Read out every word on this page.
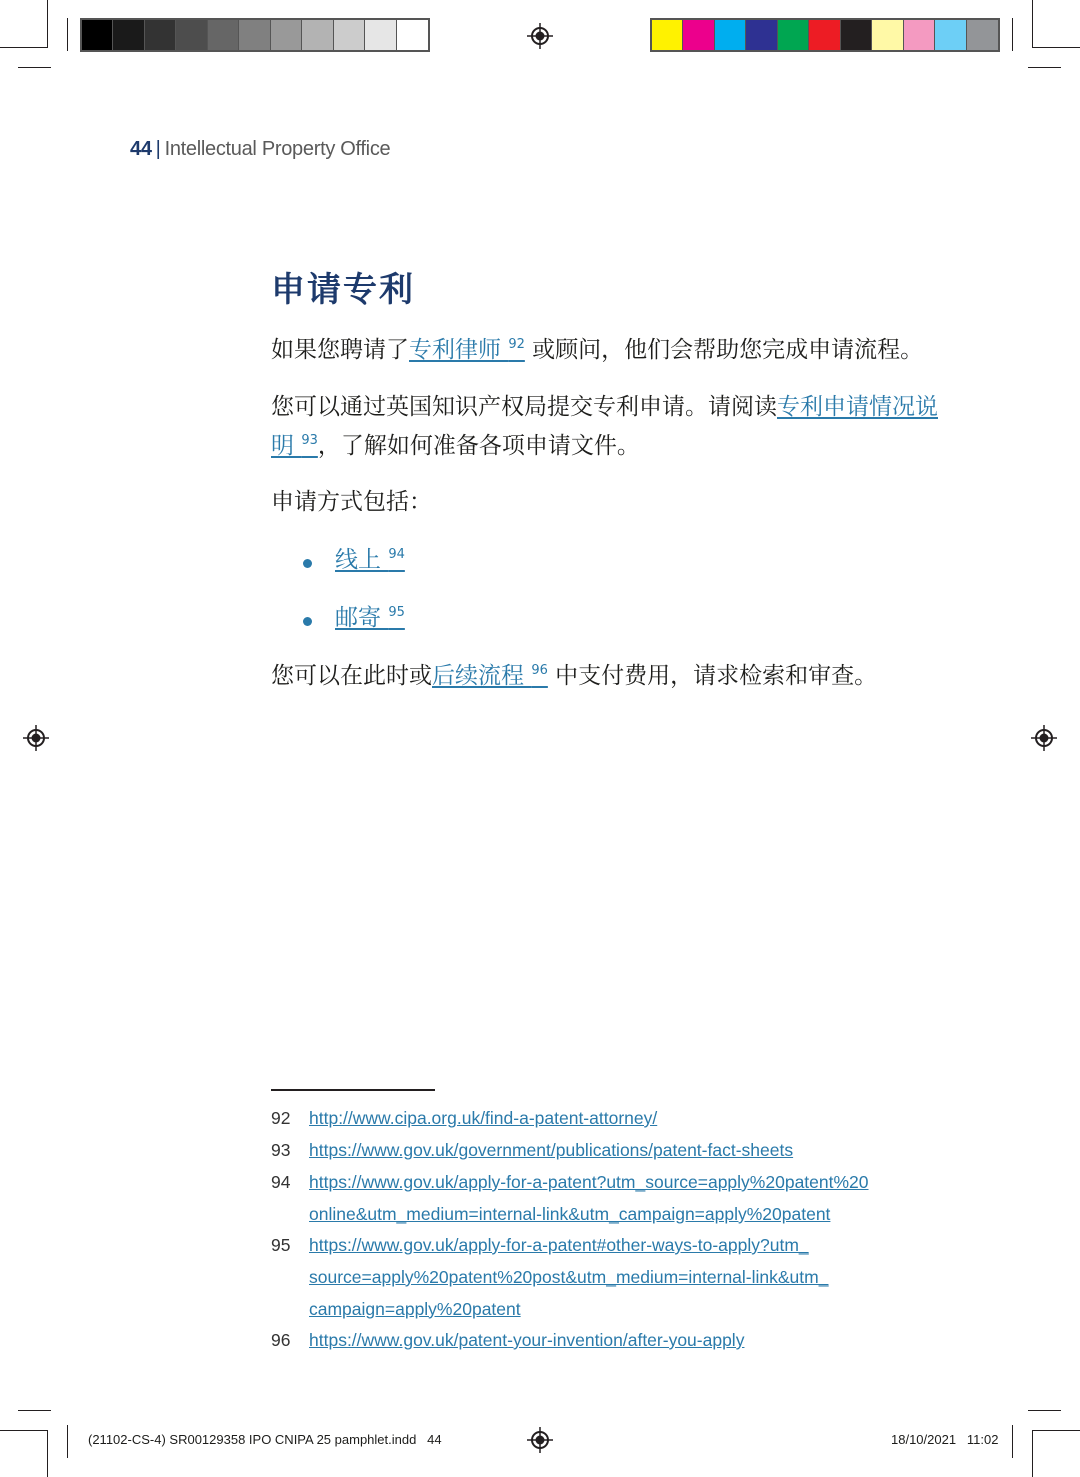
44 | Intellectual Property Office
申请专利
如果您聘请了专利律师 $^{92}$ 或顾问，他们会帮助您完成申请流程。
您可以通过英国知识产权局提交专利申请。请阅读专利申请情况说
明 $^{93}$，了解如何准备各项申请文件。
申请方式包括：
线上 $^{94}$
邮寄 $^{95}$
您可以在此时或后续流程 $^{96}$ 中支付费用，请求检索和审查。
92 http://www.cipa.org.uk/find-a-patent-attorney/
93 https://www.gov.uk/government/publications/patent-fact-sheets
94 https://www.gov.uk/apply-for-a-patent?utm_source=apply%20patent%20
online&utm_medium=internal-link&utm_campaign=apply%20patent
95 https://www.gov.uk/apply-for-a-patent#other-ways-to-apply?utm_
source=apply%20patent%20post&utm_medium=internal-link&utm_
campaign=apply%20patent
96 https://www.gov.uk/patent-your-invention/after-you-apply
(21102-CS-4) SR00129358 IPO CNIPA 25 pamphlet.indd 44	18/10/2021 11:02
